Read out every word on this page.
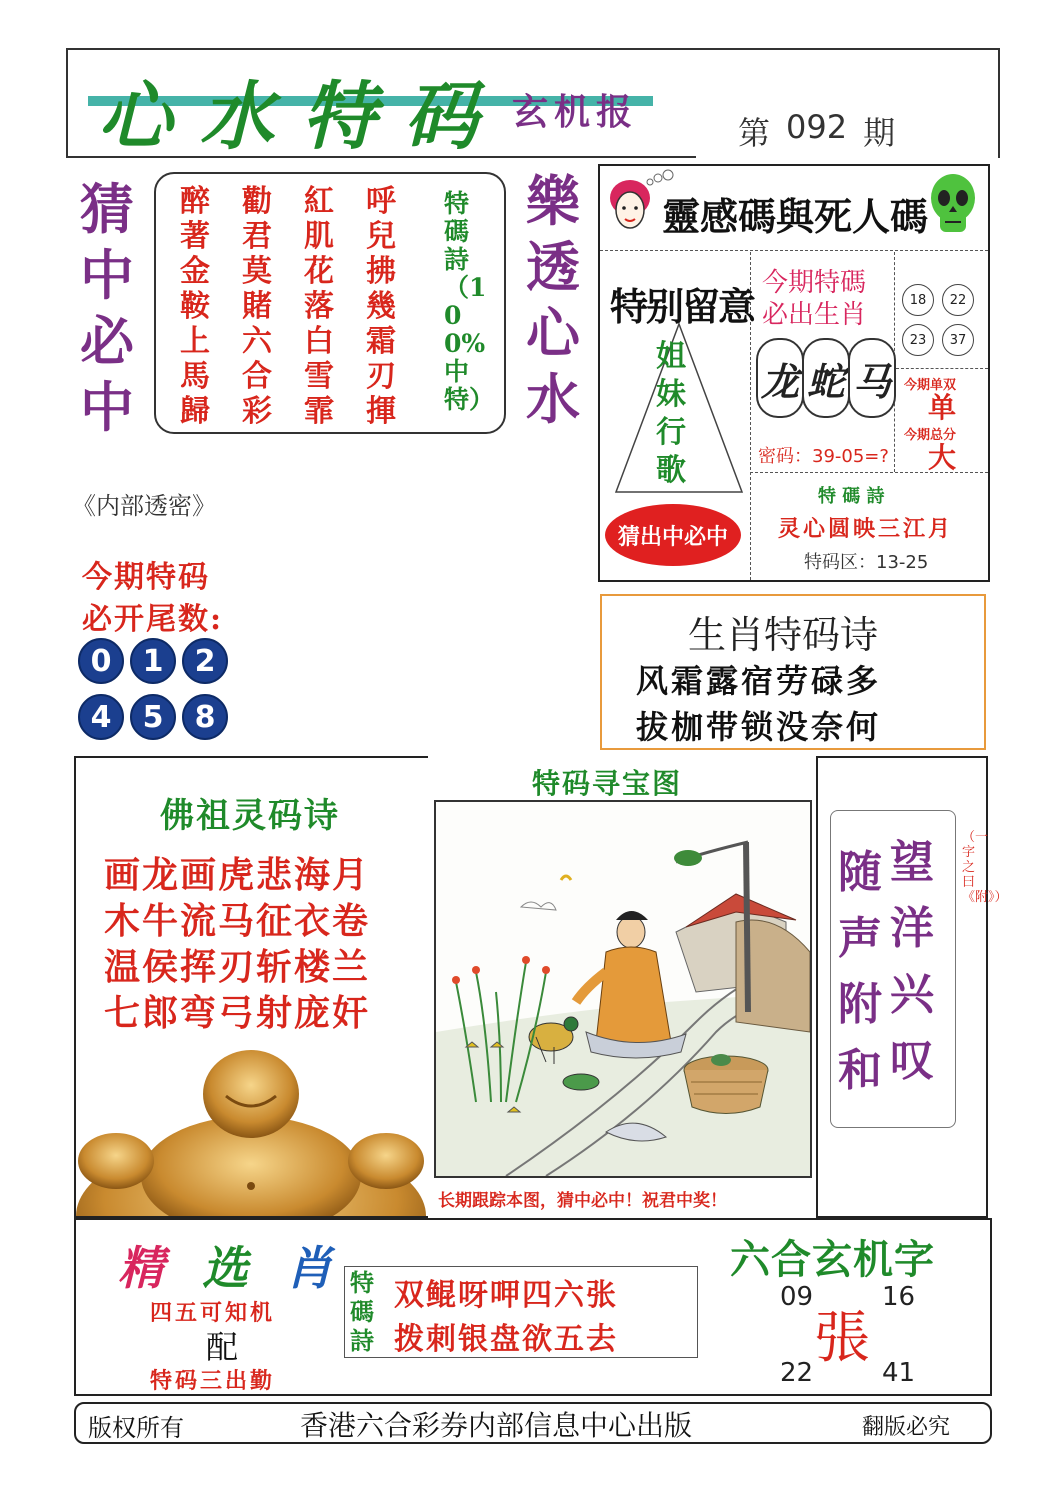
心水特码 玄机报	第 092 期
猜
中
必
中
醉
著
金
鞍
上
馬
歸
勸
君
莫
賭
六
合
彩
紅
肌
花
落
白
雪
霏
呼
兒
拂
幾
霜
刃
揮
特碼詩（100%中特）
樂
透
心
水
靈感碼與死人碼
特别留意
姐
妹
行
歌
猜出中必中
今期特碼
必出生肖
龙 蛇 马
密码：39-05=?
18 22
23 37
今期单双
单
今期总分
大
特 碼 詩
灵心圆映三江月
特码区：13-25
《内部透密》
今期特码
必开尾数:
0 1 2
4 5 8
生肖特码诗
风霜露宿劳碌多
拔枷带锁没奈何
佛祖灵码诗
画龙画虎悲海月
木牛流马征衣卷
温侯挥刃斩楼兰
七郎弯弓射庞奸
特码寻宝图
长期跟踪本图，猜中必中！祝君中奖！
望
洋
兴
叹
随
声
附
和
（一字之曰《附》）
精 选 肖
四五可知机
配
特码三出勤
特
碼
詩
双鲲呀呷四六张
拨刺银盘欲五去
六合玄机字
09	16
張
22	41
版权所有	香港六合彩券内部信息中心出版	翻版必究
